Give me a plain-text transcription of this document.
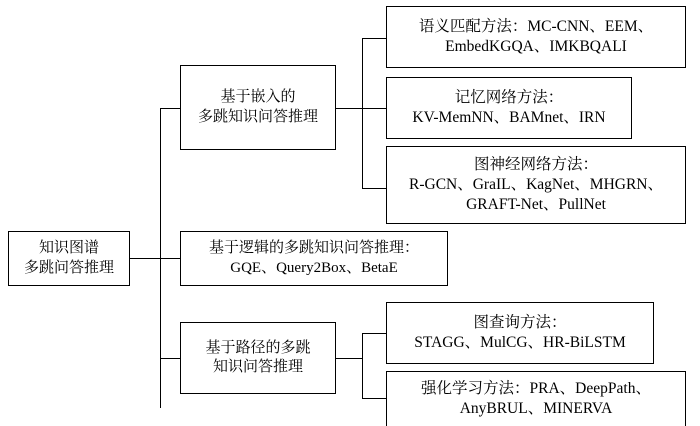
知识图谱
多跳问答推理
基于嵌入的
多跳知识问答推理
基于逻辑的多跳知识问答推理：
GQE、Query2Box、BetaE
基于路径的多跳
知识问答推理
语义匹配方法：MC-CNN、EEM、
EmbedKGQA、IMKBQALI
记忆网络方法：
KV-MemNN、BAMnet、IRN
图神经网络方法：
R-GCN、GraIL、KagNet、MHGRN、
GRAFT-Net、PullNet
图查询方法：
STAGG、MulCG、HR-BiLSTM
强化学习方法：PRA、DeepPath、
AnyBRUL、MINERVA
